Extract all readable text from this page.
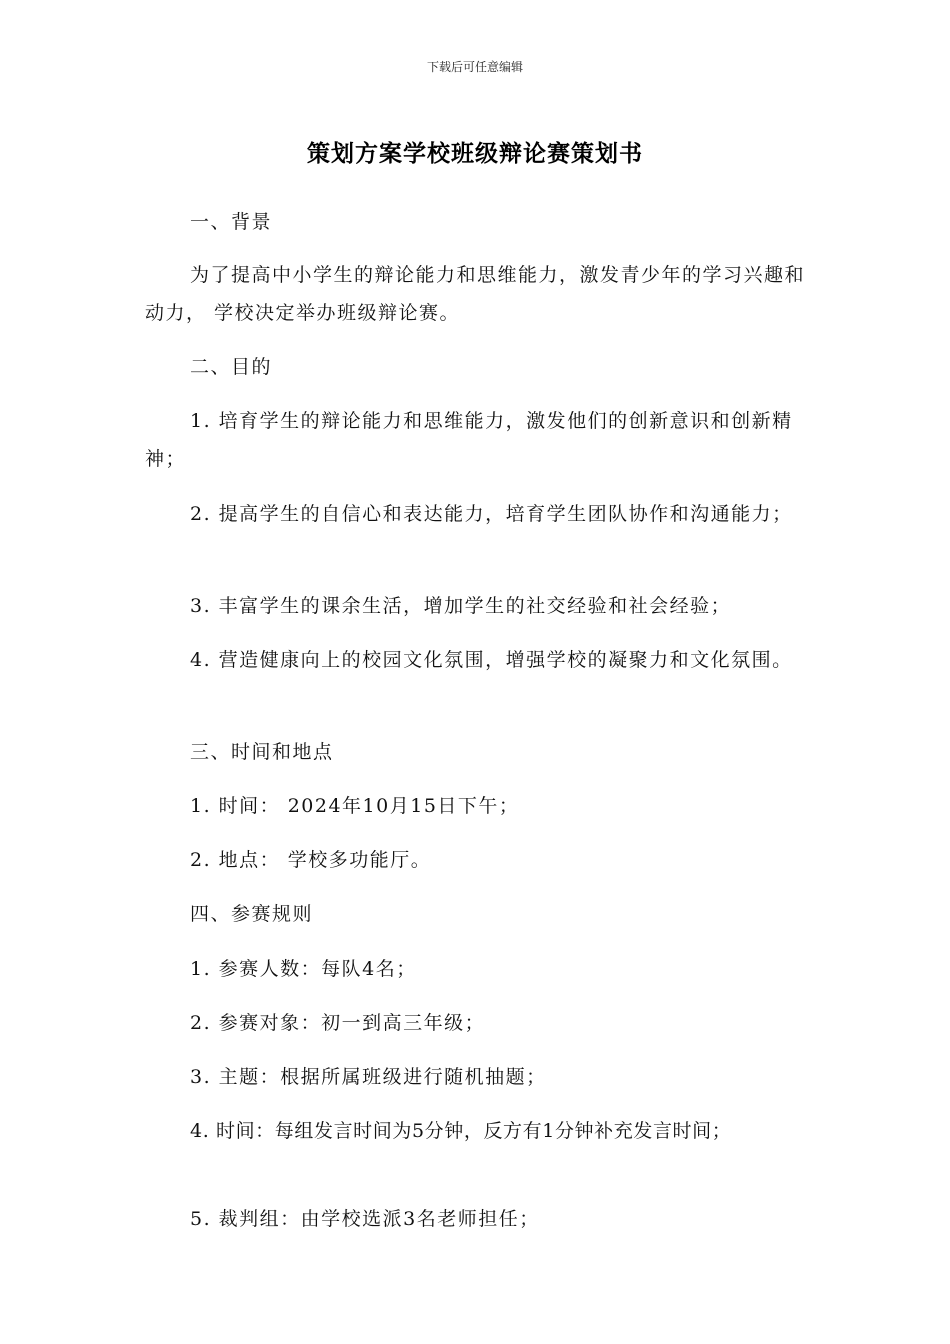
下载后可任意编辑
策划方案学校班级辩论赛策划书

一、背景

为了提高中小学生的辩论能力和思维能力，激发青少年的学习兴趣和动力， 学校决定举办班级辩论赛。

二、目的

1. 培育学生的辩论能力和思维能力，激发他们的创新意识和创新精神；

2. 提高学生的自信心和表达能力，培育学生团队协作和沟通能力；

3. 丰富学生的课余生活，增加学生的社交经验和社会经验；

4. 营造健康向上的校园文化氛围，增强学校的凝聚力和文化氛围。

三、时间和地点

1. 时间： 2024年10月15日下午；

2. 地点： 学校多功能厅。

四、参赛规则

1. 参赛人数：每队4名；

2. 参赛对象：初一到高三年级；

3. 主题：根据所属班级进行随机抽题；

4. 时间：每组发言时间为5分钟，反方有1分钟补充发言时间；

5. 裁判组：由学校选派3名老师担任；
